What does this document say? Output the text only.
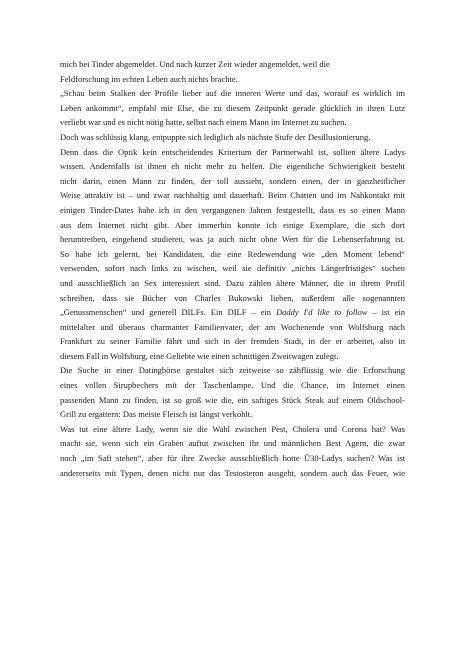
mich bei Tinder abgemeldet. Und nach kurzer Zeit wieder angemeldet, weil die
Feldforschung im echten Leben auch nichts brachte.
„Schau beim Stalken der Profile lieber auf die inneren Werte und das, worauf es wirklich im
Leben ankommt“, empfahl mir Else, die zu diesem Zeitpunkt gerade glücklich in ihren Lutz
verliebt war und es nicht nötig hatte, selbst nach einem Mann im Internet zu suchen.
Doch was schlüssig klang, entpuppte sich lediglich als nächste Stufe der Desillusionierung.
Denn dass die Optik kein entscheidendes Kriterium der Partnerwahl ist, sollten ältere Ladys
wissen. Andernfalls ist ihnen eh nicht mehr zu helfen. Die eigentliche Schwierigkeit besteht
nicht darin, einen Mann zu finden, der toll aussieht, sondern einen, der in ganzheitlicher
Weise attraktiv ist – und zwar nachhaltig und dauerhaft. Beim Chatten und im Nahkontakt mit
einigen Tinder-Dates habe ich in den vergangenen Jahren festgestellt, dass es so einen Mann
aus dem Internet nicht gibt. Aber immerhin konnte ich einige Exemplare, die sich dort
herumtreiben, eingehend studieren, was ja auch nicht ohne Wert für die Lebenserfahrung ist.
So habe ich gelernt, bei Kandidaten, die eine Redewendung wie „den Moment lebend“
verwenden, sofort nach links zu wischen, weil sie definitiv „nichts Längerfristiges“ suchen
und ausschließlich an Sex interessiert sind. Dazu zählen ältere Männer, die in ihrem Profil
schreiben, dass sie Bücher von Charles Bukowski lieben, außerdem alle sogenannten
„Genussmenschen“ und generell DILFs. Ein DILF – ein Daddy I'd like to follow – ist ein
mittelalter und überaus charmanter Familienvater, der am Wochenende von Wolfsburg nach
Frankfurt zu seiner Familie fährt und sich in der fremden Stadt, in der er arbeitet, also in
diesem Fall in Wolfsburg, eine Geliebte wie einen schnittigen Zweitwagen zulegt.
Die Suche in einer Datingbörse gestaltet sich zeitweise so zähflüssig wie die Erforschung
eines vollen Sirupbechers mit der Taschenlampe. Und die Chance, im Internet einen
passenden Mann zu finden, ist so groß wie die, ein saftiges Stück Steak auf einem Oldschool-
Grill zu ergattern: Das meiste Fleisch ist längst verkohlt.
Was tut eine ältere Lady, wenn sie die Wahl zwischen Pest, Cholera und Corona hat? Was
macht sie, wenn sich ein Graben auftut zwischen ihr und männlichen Best Agern, die zwar
noch „im Saft stehen“, aber für ihre Zwecke ausschließlich hotte Ü30-Ladys suchen? Was ist
andererseits mit Typen, denen nicht nur das Testosteron ausgeht, sondern auch das Feuer, wie
